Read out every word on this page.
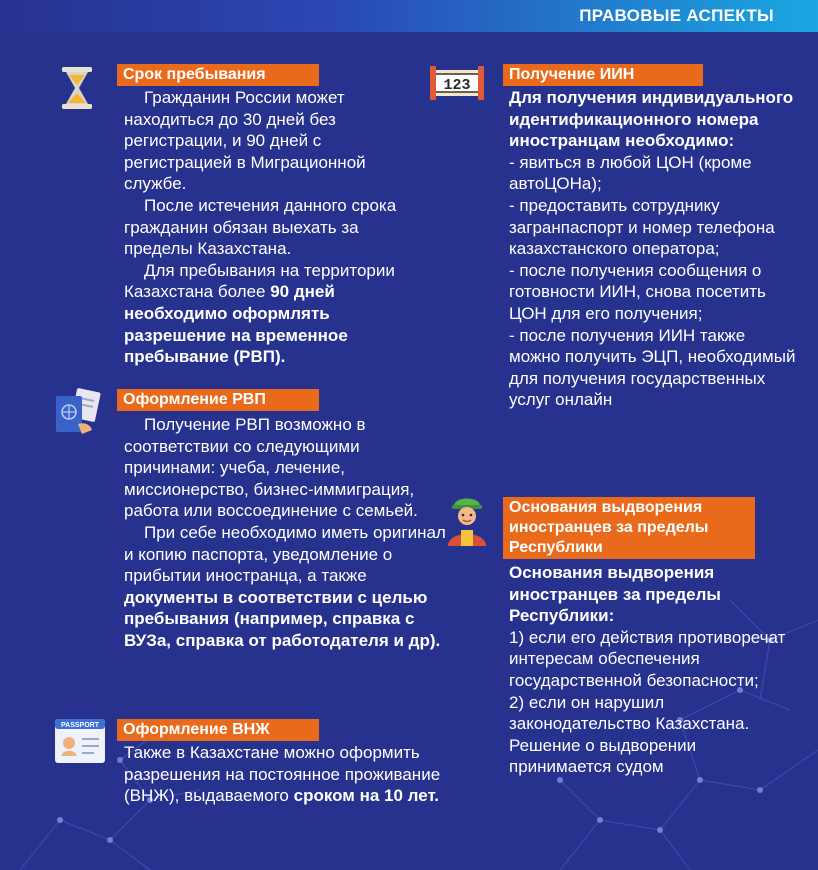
ПРАВОВЫЕ АСПЕКТЫ
Срок пребывания

Гражданин России может находиться до 30 дней без регистрации, и 90 дней с регистрацией в Миграционной службе.

После истечения данного срока гражданин обязан выехать за пределы Казахстана.

Для пребывания на территории Казахстана более 90 дней необходимо оформлять разрешение на временное пребывание (РВП).

Оформление РВП

Получение РВП возможно в соответствии со следующими причинами: учеба, лечение, миссионерство, бизнес-иммиграция, работа или воссоединение с семьей.

При себе необходимо иметь оригинал и копию паспорта, уведомление о прибытии иностранца, а также документы в соответствии с целью пребывания (например, справка с ВУЗа, справка от работодателя и др).

PASSPORT	Оформление ВНЖ

Также в Казахстане можно оформить разрешения на постоянное проживание (ВНЖ), выдаваемого сроком на 10 лет.

123
Получение ИИН

Для получения индивидуального идентификационного номера иностранцам необходимо:

- явиться в любой ЦОН (кроме автоЦОНа);

- предоставить сотруднику загранпаспорт и номер телефона казахстанского оператора;

- после получения сообщения о готовности ИИН, снова посетить ЦОН для его получения;

- после получения ИИН также можно получить ЭЦП, необходимый для получения государственных услуг онлайн

Основания выдворения иностранцев за пределы Республики

Основания выдворения иностранцев за пределы Республики:

1) если его действия противоречат интересам обеспечения государственной безопасности;

2) если он нарушил законодательство Казахстана.

Решение о выдворении принимается судом
